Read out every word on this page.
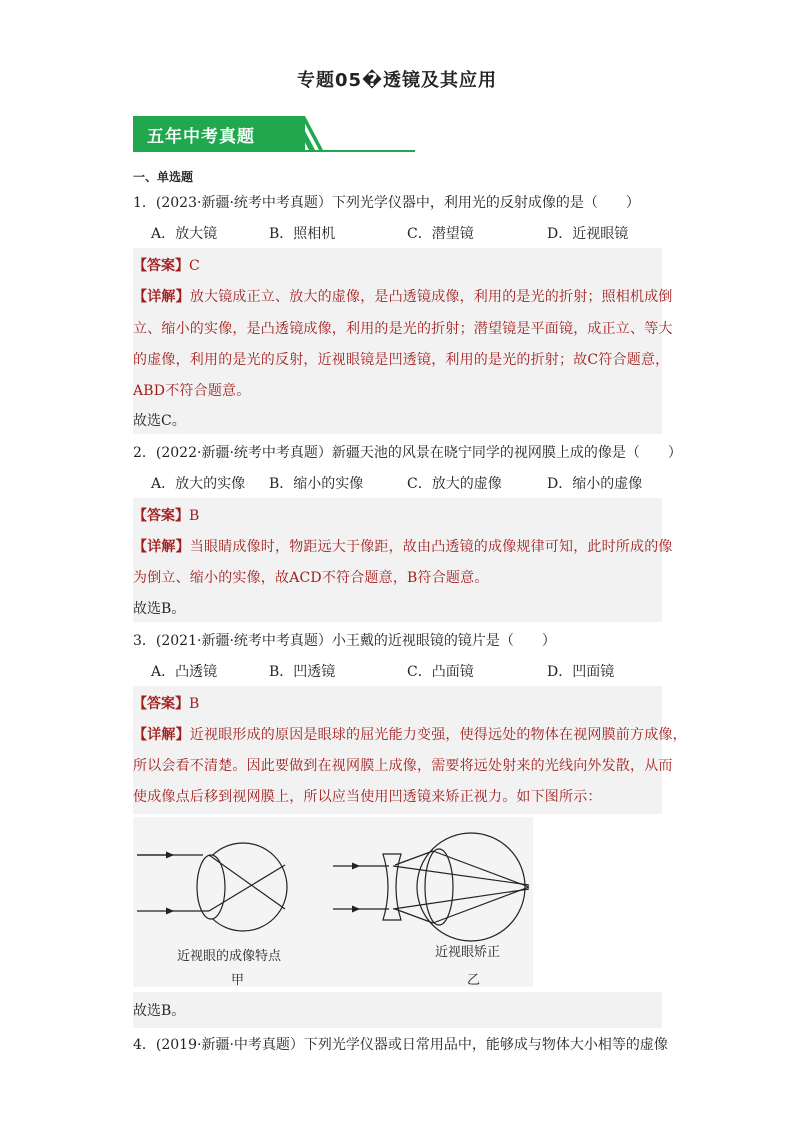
专题05�透镜及其应用
五年中考真题
一、单选题
1．(2023·新疆·统考中考真题）下列光学仪器中，利用光的反射成像的是（　　）
A．放大镜	B．照相机	C．潜望镜	D．近视眼镜
【答案】C
【详解】放大镜成正立、放大的虚像，是凸透镜成像，利用的是光的折射；照相机成倒
立、缩小的实像，是凸透镜成像，利用的是光的折射；潜望镜是平面镜，成正立、等大
的虚像，利用的是光的反射，近视眼镜是凹透镜，利用的是光的折射；故C符合题意，
ABD不符合题意。
故选C。
2．(2022·新疆·统考中考真题）新疆天池的风景在晓宁同学的视网膜上成的像是（　　）
A．放大的实像 B．缩小的实像	C．放大的虚像	D．缩小的虚像
【答案】B
【详解】当眼睛成像时，物距远大于像距，故由凸透镜的成像规律可知，此时所成的像
为倒立、缩小的实像，故ACD不符合题意，B符合题意。
故选B。
3．(2021·新疆·统考中考真题）小王戴的近视眼镜的镜片是（　　）
A．凸透镜	B．凹透镜	C．凸面镜	D．凹面镜
【答案】B
【详解】近视眼形成的原因是眼球的屈光能力变强，使得远处的物体在视网膜前方成像，
所以会看不清楚。因此要做到在视网膜上成像，需要将远处射来的光线向外发散，从而
使成像点后移到视网膜上，所以应当使用凹透镜来矫正视力。如下图所示：
近视眼的成像特点
甲
近视眼矫正
乙
故选B。
4．(2019·新疆·中考真题）下列光学仪器或日常用品中，能够成与物体大小相等的虚像
